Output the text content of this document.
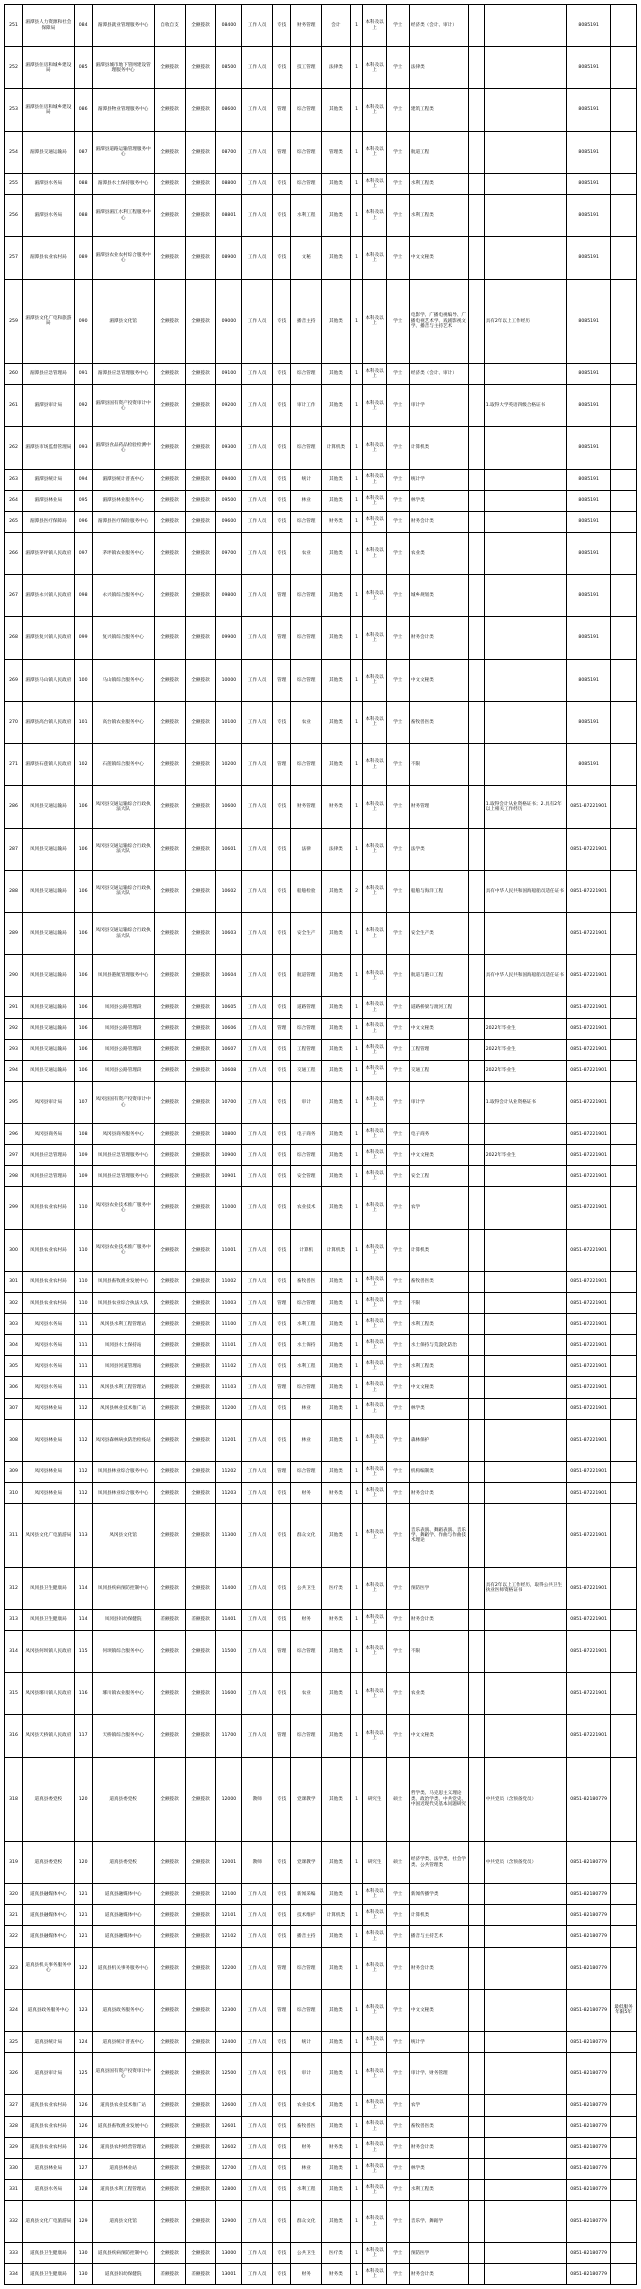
251	湄潭县人力资源和社会保障局	084	湄潭县就业管理服务中心	自收自支	全额拨款	08400	工作人员	专技	财务管理	会计	1	本科及以上	学士	经济类（会计、审计）			8085191	
252	湄潭县住房和城乡建设局	085	湄潭县城市地下管网建设管理服务中心	全额拨款	全额拨款	08500	工作人员	专技	技工管理	法律类	1	本科及以上	学士	法律类			8085191	
253	湄潭县住房和城乡建设局	086	湄潭县物业管理服务中心	全额拨款	全额拨款	08600	工作人员	管理	综合管理	其他类	1	本科及以上	学士	建筑工程类			8085191	
254	湄潭县交通运输局	087	湄潭县道路运输管理服务中心	全额拨款	全额拨款	08700	工作人员	管理	综合管理	管理类	1	本科及以上	学士	航道工程			8085191	
255	湄潭县水务局	088	湄潭县水土保持服务中心	全额拨款	全额拨款	08800	工作人员	专技	综合管理	其他类	1	本科及以上	学士	水利工程类			8085191	
256	湄潭县水务局	088	湄潭县湄江水利工程服务中心	全额拨款	全额拨款	08801	工作人员	专技	水利工程	其他类	1	本科及以上	学士	水利工程类			8085191	
257	湄潭县农业农村局	089	湄潭县农业农村综合服务中心	全额拨款	全额拨款	08900	工作人员	专技	文秘	其他类	1	本科及以上	学士	中文文秘类			8085191	
259	湄潭县文化广电和旅游局	090	湄潭县文化馆	全额拨款	全额拨款	09000	工作人员	专技	播音主持	其他类	1	本科及以上	学士	电影学、广播电视编导、广播电视艺术学、戏剧影视文学、播音与主持艺术		具有2年以上工作经历	8085191	
260	湄潭县应急管理局	091	湄潭县应急管理服务中心	全额拨款	全额拨款	09100	工作人员	专技	综合管理	其他类	1	本科及以上	学士	经济类（会计、审计）			8085191	
261	湄潭县审计局	092	湄潭县国有资产投资审计中心	全额拨款	全额拨款	09200	工作人员	专技	审计工作	其他类	1	本科及以上	学士	审计学		1.取得大学英语四级合格证书	8085191	
262	湄潭县市场监督管理局	093	湄潭县食品药品检验检测中心	全额拨款	全额拨款	09300	工作人员	专技	综合管理	计算机类	1	本科及以上	学士	计算机类			8085191	
263	湄潭县统计局	094	湄潭县统计普查中心	全额拨款	全额拨款	09400	工作人员	专技	统计	其他类	1	本科及以上	学士	统计学			8085191	
264	湄潭县林业局	095	湄潭县林业服务中心	全额拨款	全额拨款	09500	工作人员	专技	林业	其他类	1	本科及以上	学士	林学类			8085191	
265	湄潭县医疗保障局	096	湄潭县医疗保险服务中心	全额拨款	全额拨款	09600	工作人员	专技	综合管理	财务类	1	本科及以上	学士	财务会计类			8085191	
266	湄潭县茅坪镇人民政府	097	茅坪镇农业服务中心	全额拨款	全额拨款	09700	工作人员	专技	农业	其他类	1	本科及以上	学士	农业类			8085191	
267	湄潭县永兴镇人民政府	098	永兴镇综合服务中心	全额拨款	全额拨款	09800	工作人员	管理	综合管理	其他类	1	本科及以上	学士	城乡规划类			8085191	
268	湄潭县复兴镇人民政府	099	复兴镇综合服务中心	全额拨款	全额拨款	09900	工作人员	管理	综合管理	其他类	1	本科及以上	学士	财务会计类			8085191	
269	湄潭县马山镇人民政府	100	马山镇综合服务中心	全额拨款	全额拨款	10000	工作人员	管理	综合管理	其他类	1	本科及以上	学士	中文文秘类			8085191	
270	湄潭县高台镇人民政府	101	高台镇农业服务中心	全额拨款	全额拨款	10100	工作人员	专技	农业	其他类	1	本科及以上	学士	畜牧兽医类			8085191	
271	湄潭县石莲镇人民政府	102	石莲镇综合服务中心	全额拨款	全额拨款	10200	工作人员	管理	综合管理	其他类	1	本科及以上	学士	不限			8085191	
286	凤冈县交通运输局	106	凤冈县交通运输综合行政执法大队	全额拨款	全额拨款	10600	工作人员	专技	财务管理	财务类	1	本科及以上	学士	财务管理		1.取得会计从业资格证书；2.具有2年以上相关工作经历	0851-87221901	
287	凤冈县交通运输局	106	凤冈县交通运输综合行政执法大队	全额拨款	全额拨款	10601	工作人员	专技	法律	法律类	1	本科及以上	学士	法学类			0851-87221901	
288	凤冈县交通运输局	106	凤冈县交通运输综合行政执法大队	全额拨款	全额拨款	10602	工作人员	专技	船舶检验	其他类	2	本科及以上	学士	船舶与海洋工程		具有中华人民共和国海船船员适任证书	0851-87221901	
289	凤冈县交通运输局	106	凤冈县交通运输综合行政执法大队	全额拨款	全额拨款	10603	工作人员	专技	安全生产	其他类	1	本科及以上	学士	安全生产类			0851-87221901	
290	凤冈县交通运输局	106	凤冈县港航管理服务中心	全额拨款	全额拨款	10604	工作人员	专技	航道管理	其他类	1	本科及以上	学士	航道与港口工程		具有中华人民共和国海船船员适任证书	0851-87221901	
291	凤冈县交通运输局	106	凤冈县公路管理段	全额拨款	全额拨款	10605	工作人员	专技	道路管理	其他类	1	本科及以上	学士	道路桥梁与渡河工程			0851-87221901	
292	凤冈县交通运输局	106	凤冈县公路管理段	全额拨款	全额拨款	10606	工作人员	管理	综合管理	其他类	1	本科及以上	学士	中文文秘类		2022年毕业生	0851-87221901	
293	凤冈县交通运输局	106	凤冈县公路管理段	全额拨款	全额拨款	10607	工作人员	专技	工程管理	其他类	1	本科及以上	学士	工程管理		2022年毕业生	0851-87221901	
294	凤冈县交通运输局	106	凤冈县公路管理段	全额拨款	全额拨款	10608	工作人员	专技	交通工程	其他类	1	本科及以上	学士	交通工程		2022年毕业生	0851-87221901	
295	凤冈县审计局	107	凤冈县国有资产投资审计中心	全额拨款	全额拨款	10700	工作人员	专技	审计	其他类	1	本科及以上	学士	审计学		1.取得会计从业资格证书	0851-87221901	
296	凤冈县商务局	108	凤冈县商务服务中心	全额拨款	全额拨款	10800	工作人员	专技	电子商务	其他类	1	本科及以上	学士	电子商务			0851-87221901	
297	凤冈县应急管理局	109	凤冈县应急管理服务中心	全额拨款	全额拨款	10900	工作人员	专技	综合管理	其他类	1	本科及以上	学士	中文文秘类		2022年毕业生	0851-87221901	
298	凤冈县应急管理局	109	凤冈县应急管理服务中心	全额拨款	全额拨款	10901	工作人员	专技	安全管理	其他类	1	本科及以上	学士	安全工程			0851-87221901	
299	凤冈县农业农村局	110	凤冈县农业技术推广服务中心	全额拨款	全额拨款	11000	工作人员	专技	农业技术	其他类	1	本科及以上	学士	农学			0851-87221901	
300	凤冈县农业农村局	110	凤冈县农业技术推广服务中心	全额拨款	全额拨款	11001	工作人员	专技	计算机	计算机类	1	本科及以上	学士	计算机类			0851-87221901	
301	凤冈县农业农村局	110	凤冈县畜牧渔业发展中心	全额拨款	全额拨款	11002	工作人员	专技	畜牧兽医	其他类	1	本科及以上	学士	畜牧兽医类			0851-87221901	
302	凤冈县农业农村局	110	凤冈县农业综合执法大队	全额拨款	全额拨款	11003	工作人员	管理	综合管理	其他类	1	本科及以上	学士	不限			0851-87221901	
303	凤冈县水务局	111	凤冈县水利工程管理站	全额拨款	全额拨款	11100	工作人员	专技	水利工程	其他类	1	本科及以上	学士	水利工程类			0851-87221901	
304	凤冈县水务局	111	凤冈县水土保持站	全额拨款	全额拨款	11101	工作人员	专技	水土保持	其他类	1	本科及以上	学士	水土保持与荒漠化防治			0851-87221901	
305	凤冈县水务局	111	凤冈县河道管理站	全额拨款	全额拨款	11102	工作人员	专技	水利工程	其他类	1	本科及以上	学士	水利工程类			0851-87221901	
306	凤冈县水务局	111	凤冈县水利工程管理站	全额拨款	全额拨款	11103	工作人员	管理	综合管理	其他类	1	本科及以上	学士	中文文秘类			0851-87221901	
307	凤冈县林业局	112	凤冈县林业技术推广站	全额拨款	全额拨款	11200	工作人员	专技	林业	其他类	1	本科及以上	学士	林学类			0851-87221901	
308	凤冈县林业局	112	凤冈县森林病虫防治检疫站	全额拨款	全额拨款	11201	工作人员	专技	林业	其他类	1	本科及以上	学士	森林保护			0851-87221901	
309	凤冈县林业局	112	凤冈县林业综合服务中心	全额拨款	全额拨款	11202	工作人员	管理	综合管理	其他类	1	本科及以上	学士	机构编制类			0851-87221901	
310	凤冈县林业局	112	凤冈县林业综合服务中心	全额拨款	全额拨款	11203	工作人员	专技	财务	财务类	1	本科及以上	学士	财务会计类			0851-87221901	
311	凤冈县文化广电旅游局	113	凤冈县文化馆	全额拨款	全额拨款	11300	工作人员	专技	群众文化	其他类	1	本科及以上	学士	音乐表演、舞蹈表演、音乐学、舞蹈学、作曲与作曲技术理论			0851-87221901	
312	凤冈县卫生健康局	114	凤冈县疾病预防控制中心	全额拨款	全额拨款	11400	工作人员	专技	公共卫生	医疗类	1	本科及以上	学士	预防医学		具有2年以上工作经历，取得公共卫生执业医师资格证书	0851-87221901	
313	凤冈县卫生健康局	114	凤冈县妇幼保健院	差额拨款	差额拨款	11401	工作人员	专技	财务	财务类	1	本科及以上	学士	财务会计类			0851-87221901	
314	凤冈县何坝镇人民政府	115	何坝镇综合服务中心	全额拨款	全额拨款	11500	工作人员	管理	综合管理	其他类	1	本科及以上	学士	不限			0851-87221901	
315	凤冈县琊川镇人民政府	116	琊川镇农业服务中心	全额拨款	全额拨款	11600	工作人员	专技	农业	其他类	1	本科及以上	学士	农业类			0851-87221901	
316	凤冈县天桥镇人民政府	117	天桥镇综合服务中心	全额拨款	全额拨款	11700	工作人员	管理	综合管理	其他类	1	本科及以上	学士	中文文秘类			0851-87221901	
318	道真县委党校	120	道真县委党校	全额拨款	全额拨款	12000	教师	专技	党课教学	其他类	1	研究生	硕士	哲学类、马克思主义理论类、政治学类、中共党史、中国近现代史基本问题研究		中共党员（含预备党员）	0851-82180779	
319	道真县委党校	120	道真县委党校	全额拨款	全额拨款	12001	教师	专技	党课教学	其他类	1	研究生	硕士	经济学类、法学类、社会学类、公共管理类		中共党员（含预备党员）	0851-82180779	
320	道真县融媒体中心	121	道真县融媒体中心	全额拨款	全额拨款	12100	工作人员	专技	新闻采编	其他类	1	本科及以上	学士	新闻传播学类			0851-82180779	
321	道真县融媒体中心	121	道真县融媒体中心	全额拨款	全额拨款	12101	工作人员	专技	技术维护	计算机类	1	本科及以上	学士	计算机类			0851-82180779	
322	道真县融媒体中心	121	道真县融媒体中心	全额拨款	全额拨款	12102	工作人员	专技	播音主持	其他类	1	本科及以上	学士	播音与主持艺术			0851-82180779	
323	道真县机关事务服务中心	122	道真县机关事务服务中心	全额拨款	全额拨款	12200	工作人员	管理	综合管理	其他类	1	本科及以上	学士	财务会计类			0851-82180779	
324	道真县政务服务中心	123	道真县政务服务中心	全额拨款	全额拨款	12300	工作人员	管理	综合管理	其他类	1	本科及以上	学士	中文文秘类			0851-82180779	最低服务年限5年
325	道真县统计局	124	道真县统计普查中心	全额拨款	全额拨款	12400	工作人员	专技	统计	其他类	1	本科及以上	学士	统计学			0851-82180779	
326	道真县审计局	125	道真县国有资产投资审计中心	全额拨款	全额拨款	12500	工作人员	专技	审计	其他类	1	本科及以上	学士	审计学、财务管理			0851-82180779	
327	道真县农业农村局	126	道真县农业技术推广站	全额拨款	全额拨款	12600	工作人员	专技	农业技术	其他类	1	本科及以上	学士	农学			0851-82180779	
328	道真县农业农村局	126	道真县畜牧渔业发展中心	全额拨款	全额拨款	12601	工作人员	专技	畜牧兽医	其他类	1	本科及以上	学士	畜牧兽医类			0851-82180779	
329	道真县农业农村局	126	道真县农村经营管理站	全额拨款	全额拨款	12602	工作人员	专技	财务	财务类	1	本科及以上	学士	财务会计类			0851-82180779	
330	道真县林业局	127	道真县林业站	全额拨款	全额拨款	12700	工作人员	专技	林业	其他类	1	本科及以上	学士	林学类			0851-82180779	
331	道真县水务局	128	道真县水利工程管理站	全额拨款	全额拨款	12800	工作人员	专技	水利工程	其他类	1	本科及以上	学士	水利工程类			0851-82180779	
332	道真县文化广电旅游局	129	道真县文化馆	全额拨款	全额拨款	12900	工作人员	专技	群众文化	其他类	1	本科及以上	学士	音乐学、舞蹈学			0851-82180779	
333	道真县卫生健康局	130	道真县疾病预防控制中心	全额拨款	全额拨款	13000	工作人员	专技	公共卫生	医疗类	1	本科及以上	学士	预防医学			0851-82180779	
334	道真县卫生健康局	130	道真县妇幼保健院	差额拨款	差额拨款	13001	工作人员	专技	财务	财务类	1	本科及以上	学士	财务会计类			0851-82180779	
